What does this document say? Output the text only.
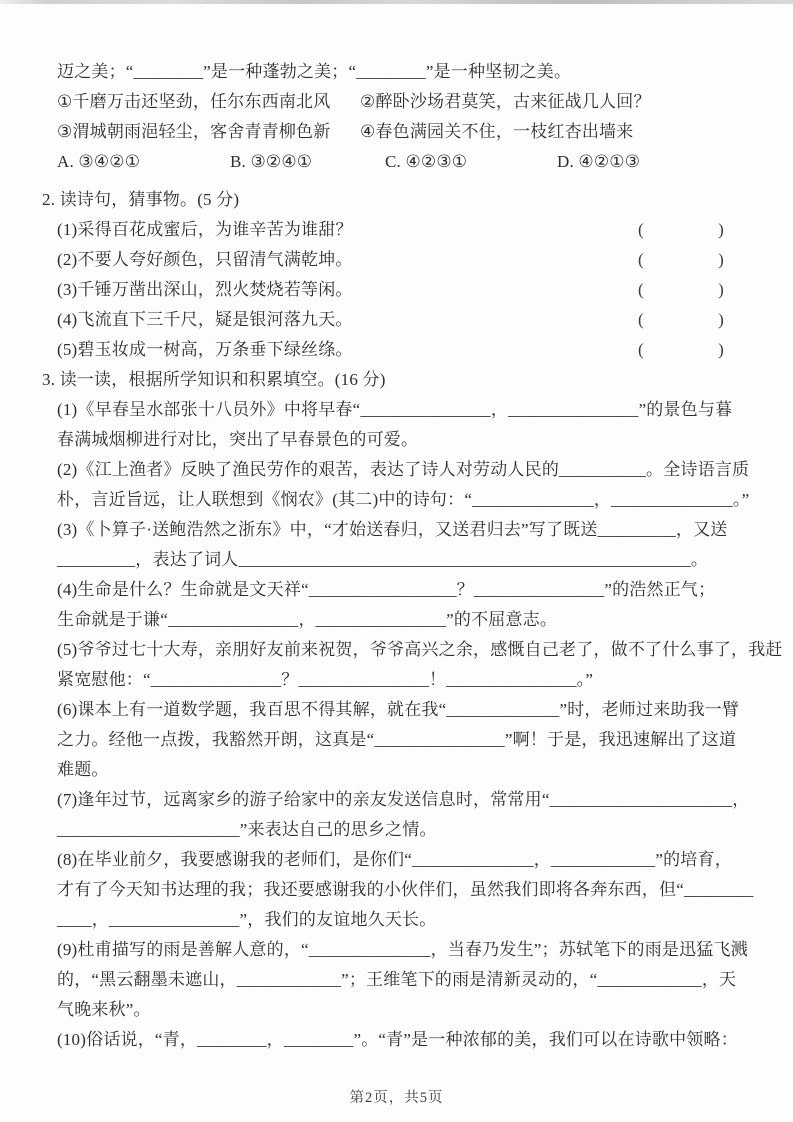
迈之美；“________”是一种蓬勃之美；“________”是一种坚韧之美。
①千磨万击还坚劲，任尔东西南北风	②醉卧沙场君莫笑，古来征战几人回？
③渭城朝雨浥轻尘，客舍青青柳色新	④春色满园关不住，一枝红杏出墙来
A. ③④②①	B. ③②④①	C. ④②③①	D. ④②①③
2. 读诗句，猜事物。(5 分)
(1)采得百花成蜜后，为谁辛苦为谁甜？	(	)
(2)不要人夸好颜色，只留清气满乾坤。	(	)
(3)千锤万凿出深山，烈火焚烧若等闲。	(	)
(4)飞流直下三千尺，疑是银河落九天。	(	)
(5)碧玉妆成一树高，万条垂下绿丝绦。	(	)
3. 读一读，根据所学知识和积累填空。(16 分)
(1)《早春呈水部张十八员外》中将早春“_______________，_______________”的景色与暮
春满城烟柳进行对比，突出了早春景色的可爱。
(2)《江上渔者》反映了渔民劳作的艰苦，表达了诗人对劳动人民的__________。全诗语言质
朴，言近旨远，让人联想到《悯农》(其二)中的诗句：“______________，______________。”
(3)《卜算子·送鲍浩然之浙东》中，“才始送春归，又送君归去”写了既送_________，又送
_________，表达了词人____________________________________________________。
(4)生命是什么？生命就是文天祥“_________________？_______________”的浩然正气；
生命就是于谦“_______________，_______________”的不屈意志。
(5)爷爷过七十大寿，亲朋好友前来祝贺，爷爷高兴之余，感慨自己老了，做不了什么事了，我赶
紧宽慰他：“_______________？_______________！_______________。”
(6)课本上有一道数学题，我百思不得其解，就在我“_____________”时，老师过来助我一臂
之力。经他一点拨，我豁然开朗，这真是“_______________”啊！于是，我迅速解出了这道
难题。
(7)逢年过节，远离家乡的游子给家中的亲友发送信息时，常常用“_____________________，
_____________________”来表达自己的思乡之情。
(8)在毕业前夕，我要感谢我的老师们，是你们“______________，____________”的培育，
才有了今天知书达理的我；我还要感谢我的小伙伴们，虽然我们即将各奔东西，但“________
____，_______________”，我们的友谊地久天长。
(9)杜甫描写的雨是善解人意的，“______________，当春乃发生”；苏轼笔下的雨是迅猛飞溅
的，“黑云翻墨未遮山，____________”；王维笔下的雨是清新灵动的，“____________，天
气晚来秋”。
(10)俗话说，“青，________，________”。“青”是一种浓郁的美，我们可以在诗歌中领略：
第2页，共5页
